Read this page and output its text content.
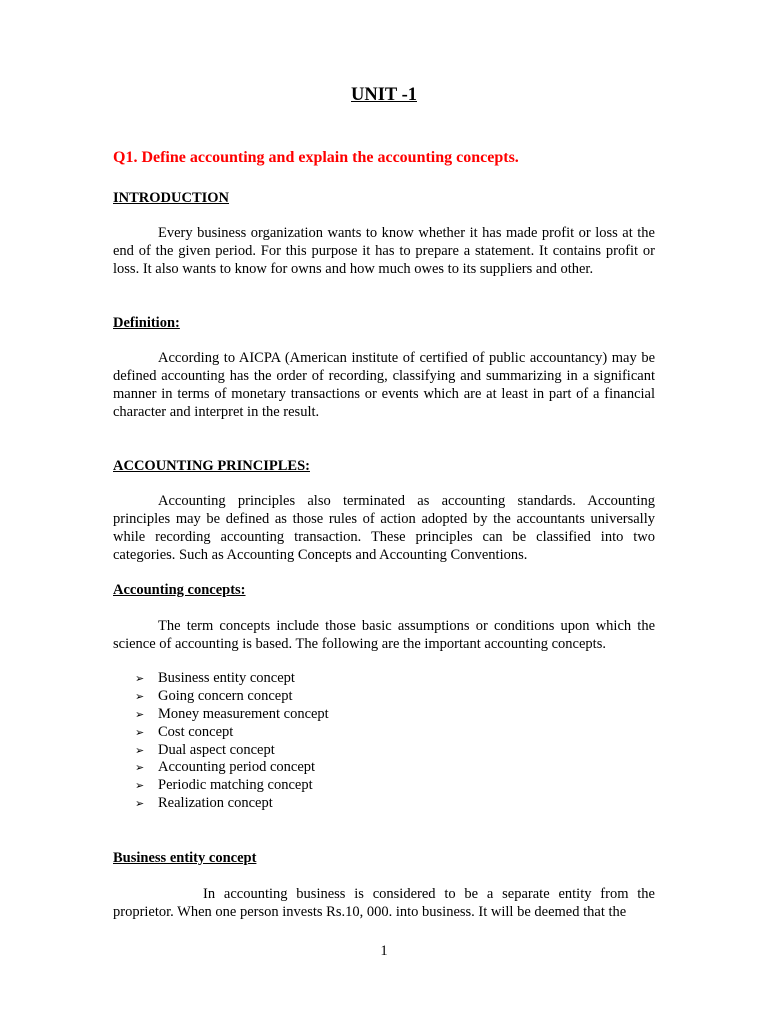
UNIT -1
Q1. Define accounting and explain the accounting concepts.
INTRODUCTION

Every business organization wants to know whether it has made profit or loss at the end of the given period. For this purpose it has to prepare a statement. It contains profit or loss. It also wants to know for owns and how much owes to its suppliers and other.

Definition:

According to AICPA (American institute of certified of public accountancy) may be defined accounting has the order of recording, classifying and summarizing in a significant manner in terms of monetary transactions or events which are at least in part of a financial character and interpret in the result.

ACCOUNTING PRINCIPLES:

Accounting principles also terminated as accounting standards. Accounting principles may be defined as those rules of action adopted by the accountants universally while recording accounting transaction. These principles can be classified into two categories. Such as Accounting Concepts and Accounting Conventions.

Accounting concepts:

The term concepts include those basic assumptions or conditions upon which the science of accounting is based. The following are the important accounting concepts.

➢ Business entity concept
➢ Going concern concept
➢ Money measurement concept
➢ Cost concept
➢ Dual aspect concept
➢ Accounting period concept
➢ Periodic matching concept
➢ Realization concept
Business entity concept

In accounting business is considered to be a separate entity from the proprietor. When one person invests Rs.10, 000. into business. It will be deemed that the

1
